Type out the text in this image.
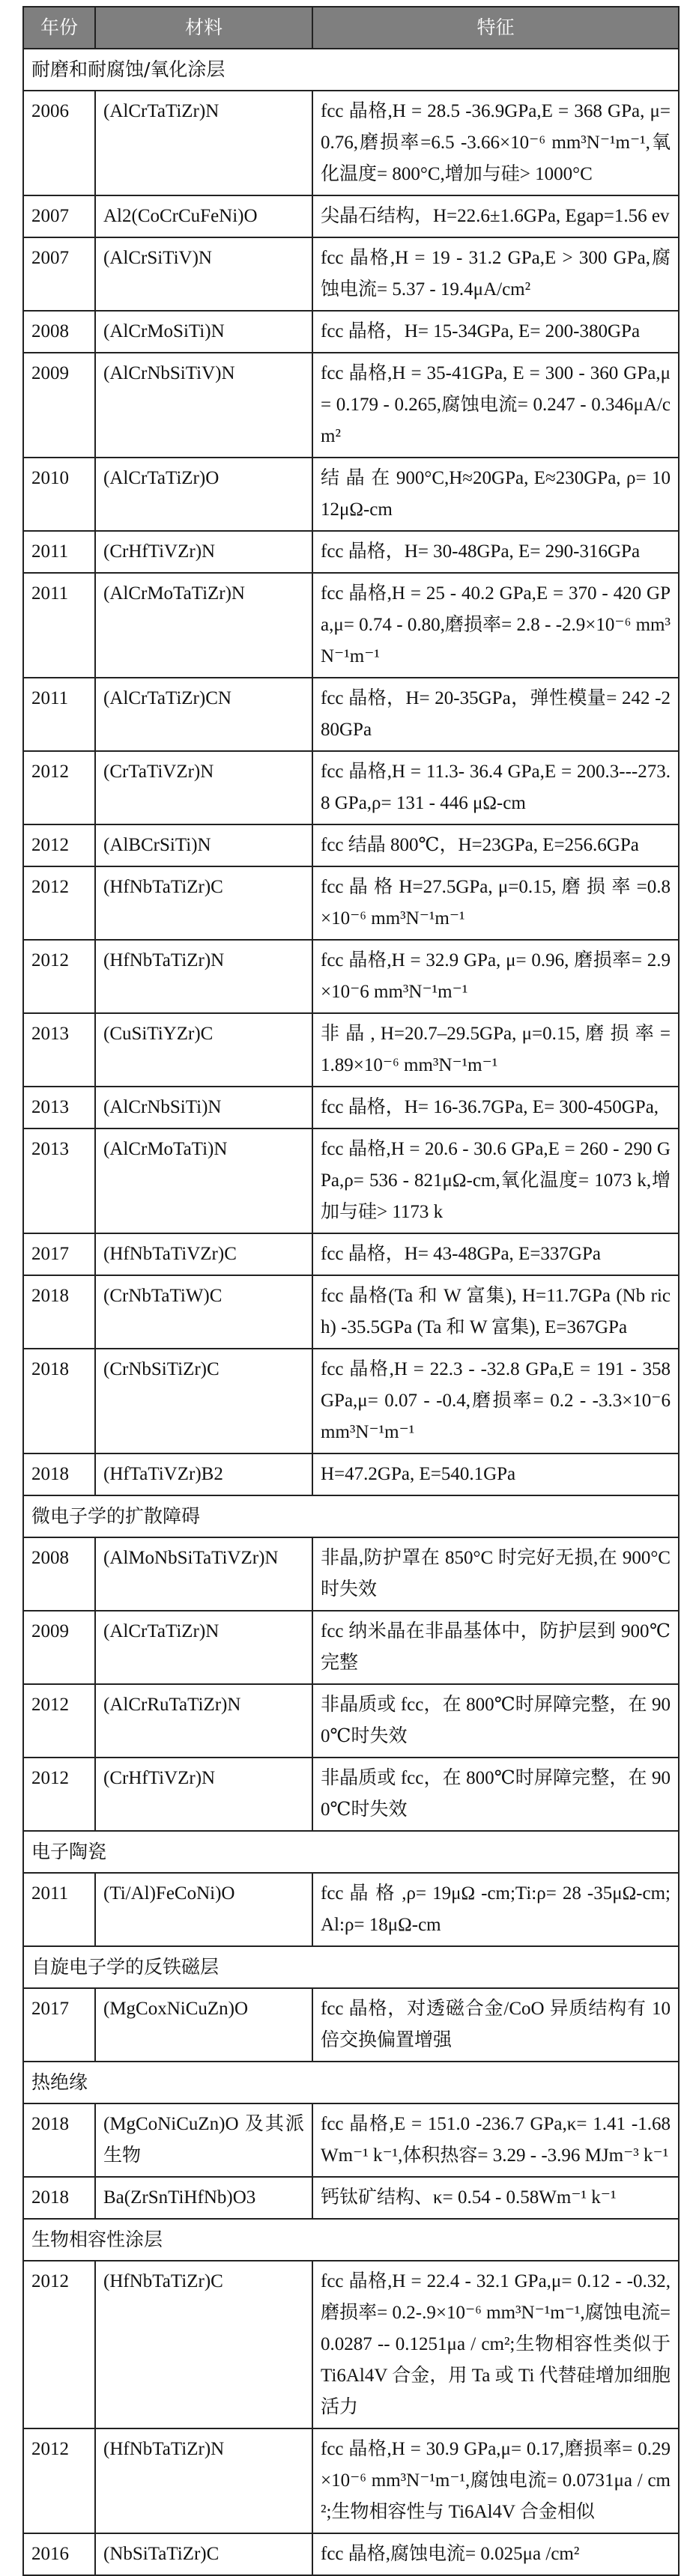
年份	材料	特征
耐磨和耐腐蚀/氧化涂层		
2006	(AlCrTaTiZr)N	fcc 晶格,H = 28.5 -36.9GPa,E = 368 GPa, μ= 0.76,磨损率=6.5 -3.66×10⁻⁶ mm³N⁻¹m⁻¹,氧化温度= 800°C,增加与硅> 1000°C
2007	Al2(CoCrCuFeNi)O	尖晶石结构，H=22.6±1.6GPa, Egap=1.56 ev
2007	(AlCrSiTiV)N	fcc 晶格,H = 19 - 31.2 GPa,E > 300 GPa,腐蚀电流= 5.37 - 19.4μA/cm²
2008	(AlCrMoSiTi)N	fcc 晶格，H= 15-34GPa, E= 200-380GPa
2009	(AlCrNbSiTiV)N	fcc 晶格,H = 35-41GPa, E = 300 - 360 GPa,μ= 0.179 - 0.265,腐蚀电流= 0.247 - 0.346μA/cm²
2010	(AlCrTaTiZr)O	结 晶 在 900°C,H≈20GPa, E≈230GPa, ρ= 1012μΩ-cm
2011	(CrHfTiVZr)N	fcc 晶格，H= 30-48GPa, E= 290-316GPa
2011	(AlCrMoTaTiZr)N	fcc 晶格,H = 25 - 40.2 GPa,E = 370 - 420 GPa,μ= 0.74 - 0.80,磨损率= 2.8 - -2.9×10⁻⁶ mm³N⁻¹m⁻¹
2011	(AlCrTaTiZr)CN	fcc 晶格，H= 20-35GPa，弹性模量= 242 -280GPa
2012	(CrTaTiVZr)N	fcc 晶格,H = 11.3- 36.4 GPa,E = 200.3---273.8 GPa,ρ= 131 - 446 μΩ-cm
2012	(AlBCrSiTi)N	fcc 结晶 800℃，H=23GPa, E=256.6GPa
2012	(HfNbTaTiZr)C	fcc 晶 格 H=27.5GPa, μ=0.15, 磨 损 率 =0.8×10⁻⁶ mm³N⁻¹m⁻¹
2012	(HfNbTaTiZr)N	fcc 晶格,H = 32.9 GPa, μ= 0.96, 磨损率= 2.9×10⁻6 mm³N⁻¹m⁻¹
2013	(CuSiTiYZr)C	非 晶 , H=20.7–29.5GPa, μ=0.15, 磨 损 率 =1.89×10⁻⁶ mm³N⁻¹m⁻¹
2013	(AlCrNbSiTi)N	fcc 晶格，H= 16-36.7GPa, E= 300-450GPa,
2013	(AlCrMoTaTi)N	fcc 晶格,H = 20.6 - 30.6 GPa,E = 260 - 290 GPa,ρ= 536 - 821μΩ-cm,氧化温度= 1073 k,增加与硅> 1173 k
2017	(HfNbTaTiVZr)C	fcc 晶格，H= 43-48GPa, E=337GPa
2018	(CrNbTaTiW)C	fcc 晶格(Ta 和 W 富集), H=11.7GPa (Nb rich) -35.5GPa (Ta 和 W 富集), E=367GPa
2018	(CrNbSiTiZr)C	fcc 晶格,H = 22.3 - -32.8 GPa,E = 191 - 358 GPa,μ= 0.07 - -0.4,磨损率= 0.2 - -3.3×10⁻6 mm³N⁻¹m⁻¹
2018	(HfTaTiVZr)B2	H=47.2GPa, E=540.1GPa
微电子学的扩散障碍		
2008	(AlMoNbSiTaTiVZr)N	非晶,防护罩在 850°C 时完好无损,在 900°C 时失效
2009	(AlCrTaTiZr)N	fcc 纳米晶在非晶基体中，防护层到 900℃完整
2012	(AlCrRuTaTiZr)N	非晶质或 fcc，在 800℃时屏障完整，在 900℃时失效
2012	(CrHfTiVZr)N	非晶质或 fcc，在 800℃时屏障完整，在 900℃时失效
电子陶瓷		
2011	(Ti/Al)FeCoNi)O	fcc 晶 格 ,ρ= 19μΩ -cm;Ti:ρ= 28 -35μΩ-cm;Al:ρ= 18μΩ-cm
自旋电子学的反铁磁层		
2017	(MgCoxNiCuZn)O	fcc 晶格，对透磁合金/CoO 异质结构有 10 倍交换偏置增强
热绝缘		
2018	(MgCoNiCuZn)O 及其派生物	fcc 晶格,E = 151.0 -236.7 GPa,κ= 1.41 -1.68 Wm⁻¹ k⁻¹,体积热容= 3.29 - -3.96 MJm⁻³ k⁻¹
2018	Ba(ZrSnTiHfNb)O3	钙钛矿结构、κ= 0.54 - 0.58Wm⁻¹ k⁻¹
生物相容性涂层		
2012	(HfNbTaTiZr)C	fcc 晶格,H = 22.4 - 32.1 GPa,μ= 0.12 - -0.32,磨损率= 0.2-.9×10⁻⁶ mm³N⁻¹m⁻¹,腐蚀电流= 0.0287 -- 0.1251μa / cm²;生物相容性类似于 Ti6Al4V 合金，用 Ta 或 Ti 代替硅增加细胞活力
2012	(HfNbTaTiZr)N	fcc 晶格,H = 30.9 GPa,μ= 0.17,磨损率= 0.29×10⁻⁶ mm³N⁻¹m⁻¹,腐蚀电流= 0.0731μa / cm²;生物相容性与 Ti6Al4V 合金相似
2016	(NbSiTaTiZr)C	fcc 晶格,腐蚀电流= 0.025μa /cm²
